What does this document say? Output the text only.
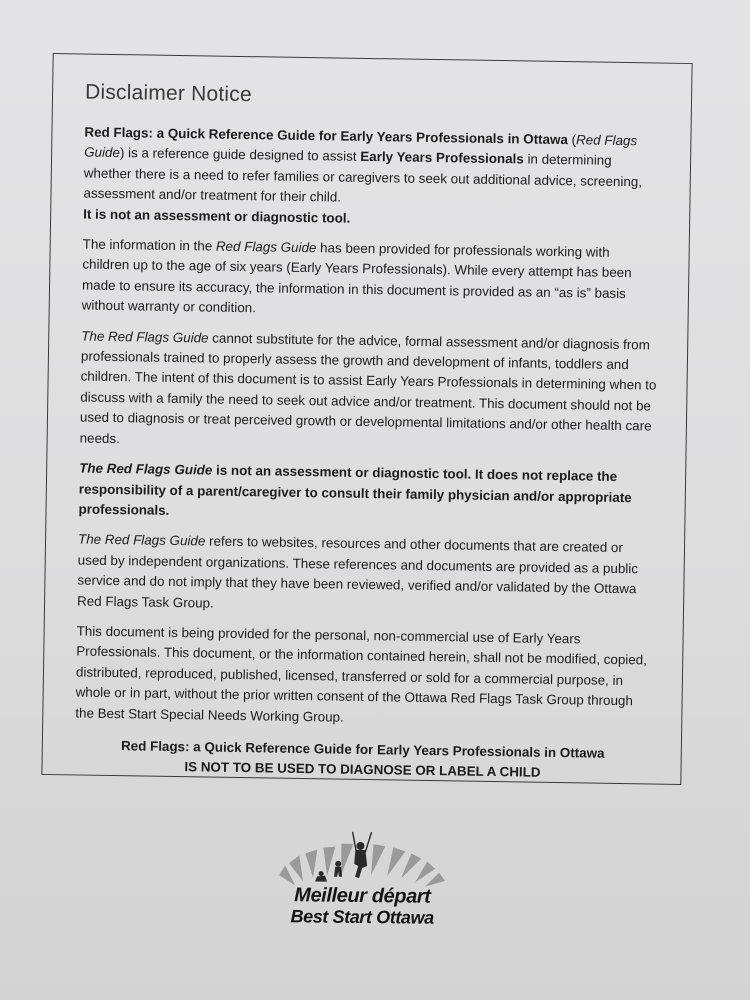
Disclaimer Notice

Red Flags: a Quick Reference Guide for Early Years Professionals in Ottawa (Red Flags Guide) is a reference guide designed to assist Early Years Professionals in determining whether there is a need to refer families or caregivers to seek out additional advice, screening, assessment and/or treatment for their child.
It is not an assessment or diagnostic tool.

The information in the Red Flags Guide has been provided for professionals working with children up to the age of six years (Early Years Professionals). While every attempt has been made to ensure its accuracy, the information in this document is provided as an “as is” basis without warranty or condition.

The Red Flags Guide cannot substitute for the advice, formal assessment and/or diagnosis from professionals trained to properly assess the growth and development of infants, toddlers and children. The intent of this document is to assist Early Years Professionals in determining when to discuss with a family the need to seek out advice and/or treatment. This document should not be used to diagnosis or treat perceived growth or developmental limitations and/or other health care needs.

The Red Flags Guide is not an assessment or diagnostic tool. It does not replace the responsibility of a parent/caregiver to consult their family physician and/or appropriate professionals.

The Red Flags Guide refers to websites, resources and other documents that are created or used by independent organizations. These references and documents are provided as a public service and do not imply that they have been reviewed, verified and/or validated by the Ottawa Red Flags Task Group.

This document is being provided for the personal, non-commercial use of Early Years Professionals. This document, or the information contained herein, shall not be modified, copied, distributed, reproduced, published, licensed, transferred or sold for a commercial purpose, in whole or in part, without the prior written consent of the Ottawa Red Flags Task Group through the Best Start Special Needs Working Group.

Red Flags: a Quick Reference Guide for Early Years Professionals in Ottawa
IS NOT TO BE USED TO DIAGNOSE OR LABEL A CHILD
Meilleur départ
Best Start Ottawa
